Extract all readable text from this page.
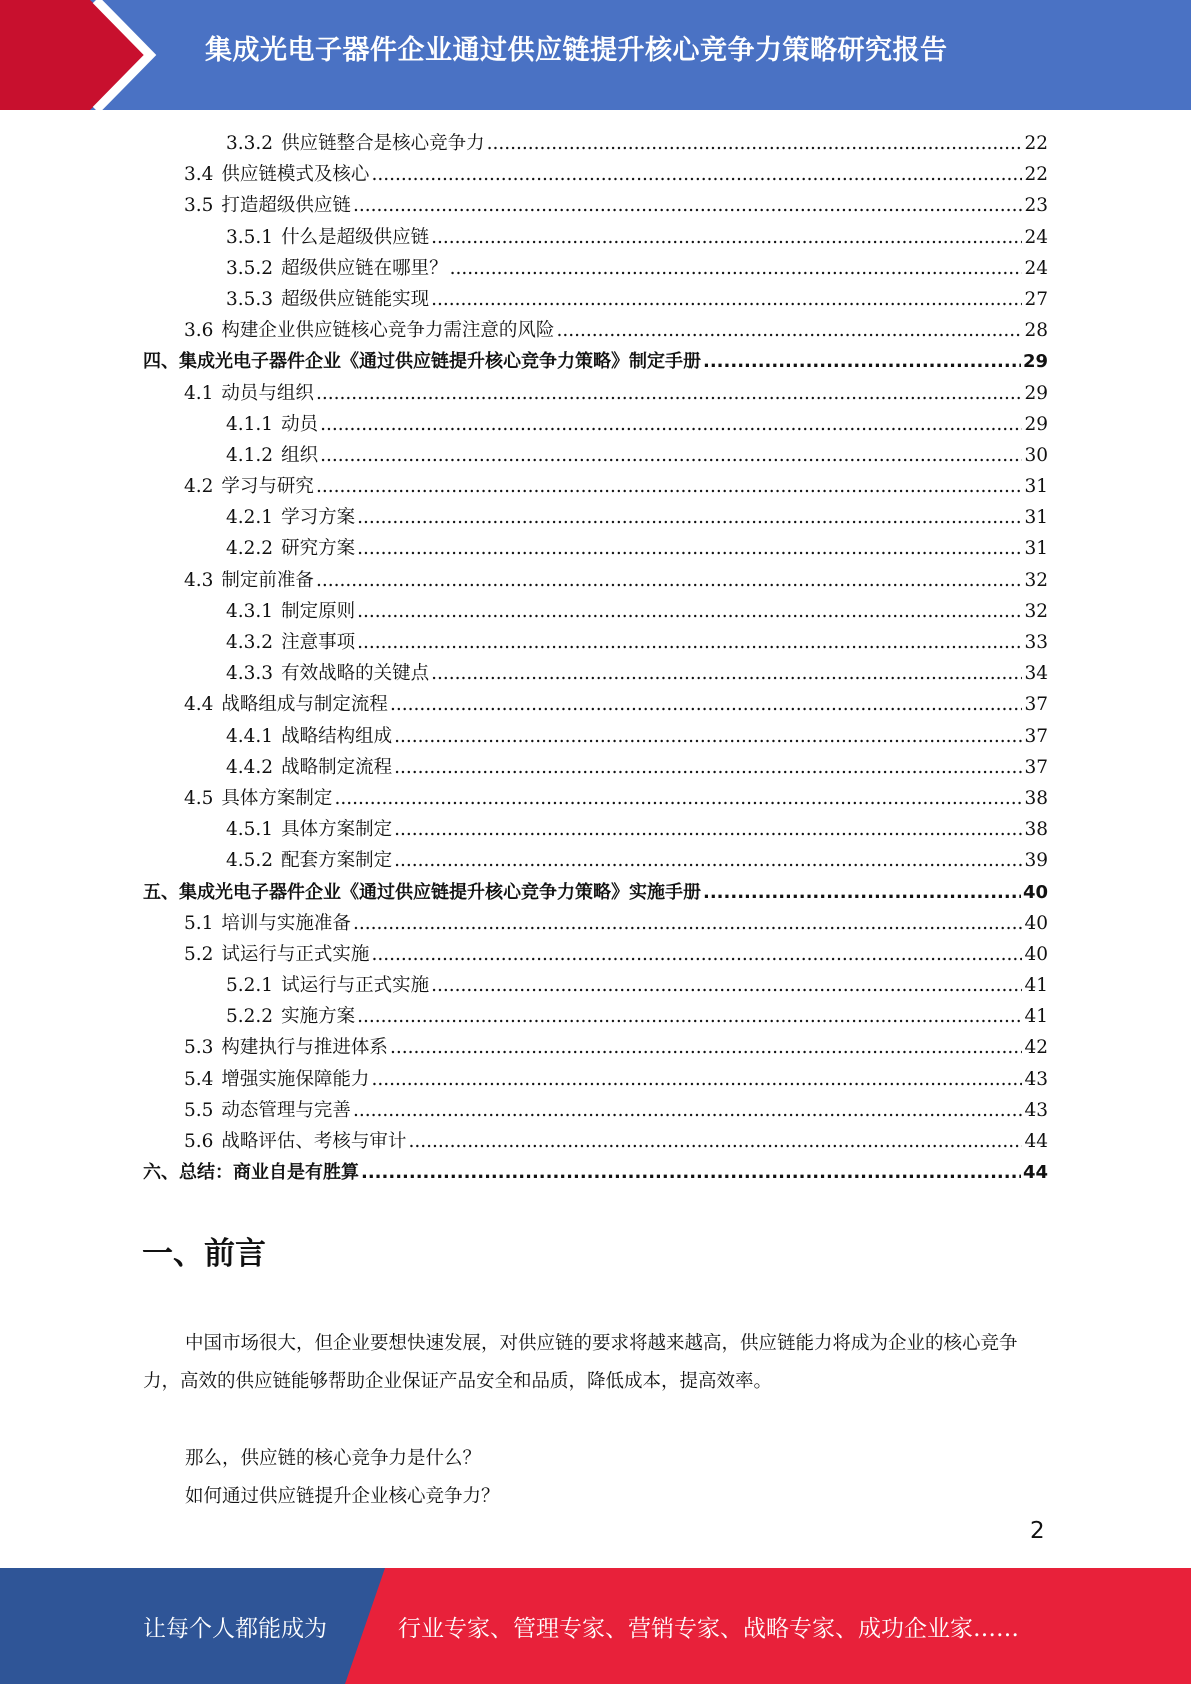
集成光电子器件企业通过供应链提升核心竞争力策略研究报告
3.3.2 供应链整合是核心竞争力 .....	22
3.4 供应链模式及核心 .....	22
3.5 打造超级供应链 .....	23
3.5.1 什么是超级供应链 .....	24
3.5.2 超级供应链在哪里？ .....	24
3.5.3 超级供应链能实现 .....	27
3.6 构建企业供应链核心竞争力需注意的风险 .....	28
四、集成光电子器件企业《通过供应链提升核心竞争力策略》制定手册 .....	29
4.1 动员与组织 .....	29
4.1.1 动员 .....	29
4.1.2 组织 .....	30
4.2 学习与研究 .....	31
4.2.1 学习方案 .....	31
4.2.2 研究方案 .....	31
4.3 制定前准备 .....	32
4.3.1 制定原则 .....	32
4.3.2 注意事项 .....	33
4.3.3 有效战略的关键点 .....	34
4.4 战略组成与制定流程 .....	37
4.4.1 战略结构组成 .....	37
4.4.2 战略制定流程 .....	37
4.5 具体方案制定 .....	38
4.5.1 具体方案制定 .....	38
4.5.2 配套方案制定 .....	39
五、集成光电子器件企业《通过供应链提升核心竞争力策略》实施手册 .....	40
5.1 培训与实施准备 .....	40
5.2 试运行与正式实施 .....	40
5.2.1 试运行与正式实施 .....	41
5.2.2 实施方案 .....	41
5.3 构建执行与推进体系 .....	42
5.4 增强实施保障能力 .....	43
5.5 动态管理与完善 .....	43
5.6 战略评估、考核与审计 .....	44
六、总结：商业自是有胜算 .....	44
一、前言
中国市场很大，但企业要想快速发展，对供应链的要求将越来越高，供应链能力将成为企业的核心竞争力，高效的供应链能够帮助企业保证产品安全和品质，降低成本，提高效率。
那么，供应链的核心竞争力是什么？
如何通过供应链提升企业核心竞争力？
2
让每个人都能成为	行业专家、管理专家、营销专家、战略专家、成功企业家……
